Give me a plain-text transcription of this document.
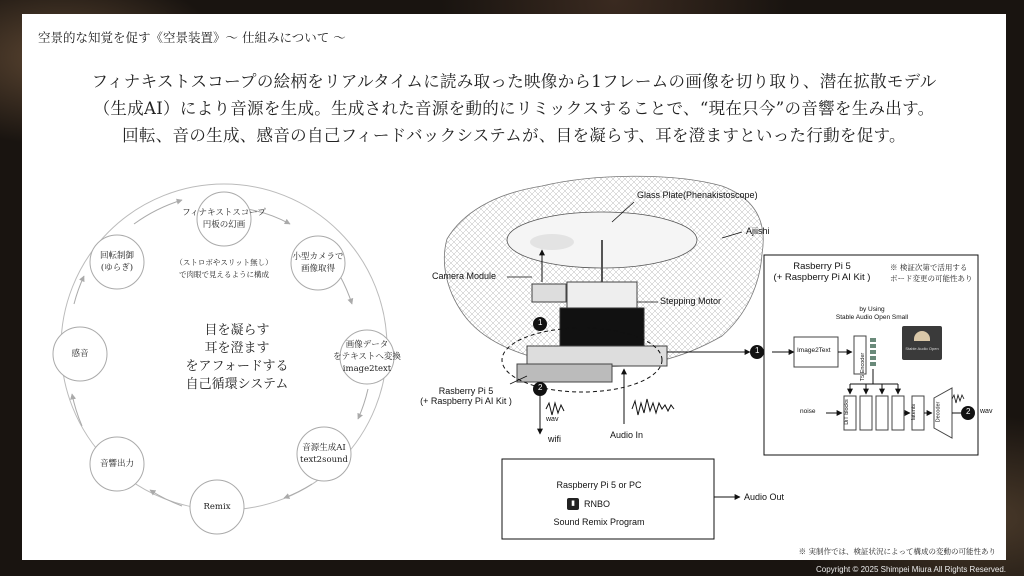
空景的な知覚を促す《空景装置》〜 仕組みについて 〜
フィナキストスコープの絵柄をリアルタイムに読み取った映像から1フレームの画像を切り取り、潜在拡散モデル
（生成AI）により音源を生成。生成された音源を動的にリミックスすることで、“現在只今”の音響を生み出す。
回転、音の生成、感音の自己フィードバックシステムが、目を凝らす、耳を澄ますといった行動を促す。
フィナキストスコープ
円板の幻画
小型カメラで
画像取得
画像データ
をテキストへ変換
image2text
音源生成AI
text2sound
Remix
音響出力
感音
回転制御
(ゆらぎ)
（ストロボやスリット無し）
で肉眼で見えるように構成
目を凝らす
耳を澄ます
をアフォードする
自己循環システム
Glass Plate(Phenakistoscope)
Ajiishi
Camera Module
Stepping Motor
Rasberry Pi 5
(+ Raspberry Pi AI Kit )
wav
wifi	Audio In
1
2
1
Rasberry Pi 5
(+ Raspberry Pi AI Kit )
※ 検証次第で活用する
ボード変更の可能性あり
by Using
Stable Audio Open Small
Stable Audio Open
Image2Text
T5 Encoder
noise	DiT blocks	latents	Decoder	2 wav
Raspberry Pi 5 or PC
▮	RNBO
Sound Remix Program
Audio Out
※ 実制作では、検証状況によって構成の変動の可能性あり
Copyright © 2025 Shimpei Miura All Rights Reserved.
